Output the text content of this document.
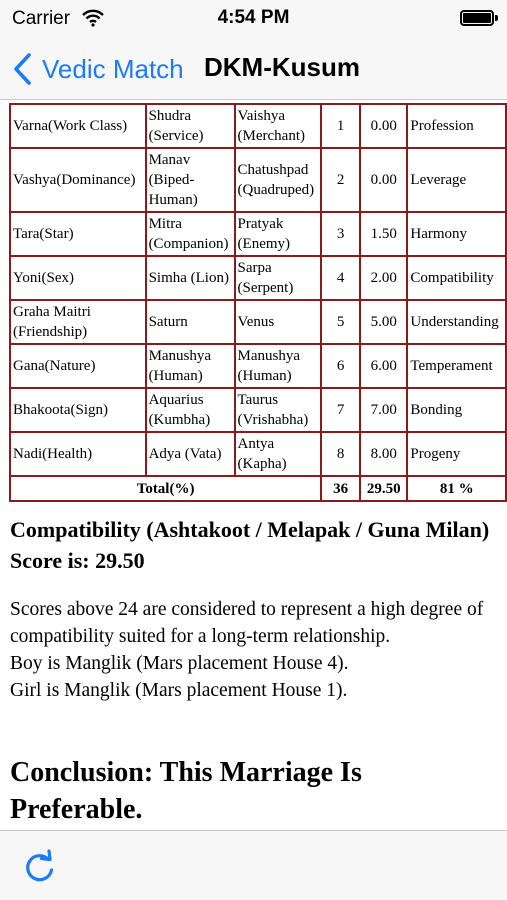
Carrier	4:54 PM
Vedic Match DKM-Kusum
Varna(Work Class)	Shudra (Service)	Vaishya (Merchant)	1	0.00	Profession
Vashya(Dominance)	Manav (Biped-Human)	Chatushpad (Quadruped)	2	0.00	Leverage
Tara(Star)	Mitra (Companion)	Pratyak (Enemy)	3	1.50	Harmony
Yoni(Sex)	Simha (Lion)	Sarpa (Serpent)	4	2.00	Compatibility
Graha Maitri (Friendship)	Saturn	Venus	5	5.00	Understanding
Gana(Nature)	Manushya (Human)	Manushya (Human)	6	6.00	Temperament
Bhakoota(Sign)	Aquarius (Kumbha)	Taurus (Vrishabha)	7	7.00	Bonding
Nadi(Health)	Adya (Vata)	Antya (Kapha)	8	8.00	Progeny
Total(%)			36	29.50	81 %
Compatibility (Ashtakoot / Melapak / Guna Milan) Score is: 29.50
Scores above 24 are considered to represent a high degree of compatibility suited for a long-term relationship.
Boy is Manglik (Mars placement House 4).
Girl is Manglik (Mars placement House 1).
Conclusion: This Marriage Is Preferable.
